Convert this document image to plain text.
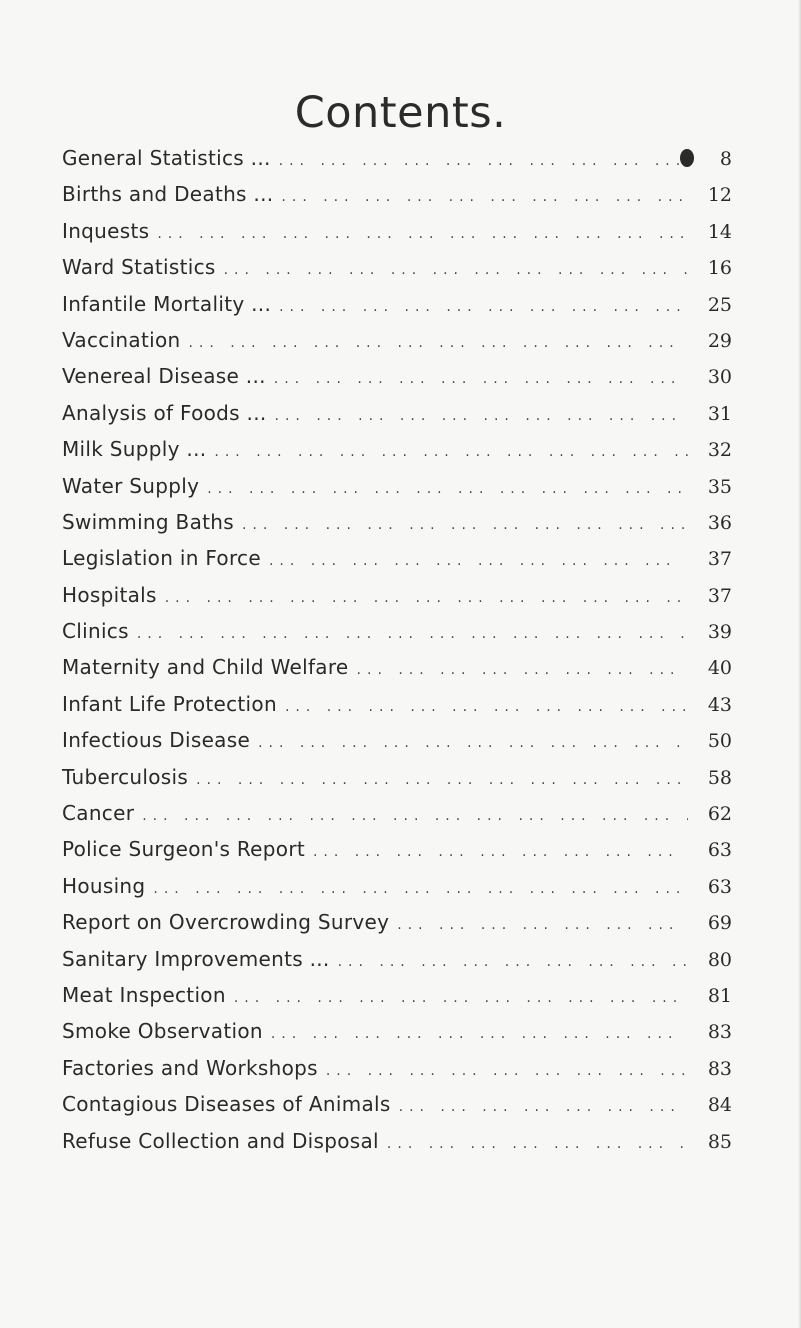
Contents.
General Statistics ... ... .	8
Births and Deaths ... ... .	12
Inquests ... .	14
Ward Statistics ... .	16
Infantile Mortality ... ... .	25
Vaccination ... .	29
Venereal Disease ... ... .	30
Analysis of Foods ... ... .	31
Milk Supply ... ... .	32
Water Supply ... .	35
Swimming Baths ... .	36
Legislation in Force ... .	37
Hospitals ... .	37
Clinics ... .	39
Maternity and Child Welfare ... .	40
Infant Life Protection ... .	43
Infectious Disease ... .	50
Tuberculosis ... .	58
Cancer ... .	62
Police Surgeon's Report ... .	63
Housing ... .	63
Report on Overcrowding Survey ... .	69
Sanitary Improvements ... ... .	80
Meat Inspection ... .	81
Smoke Observation ... .	83
Factories and Workshops ... .	83
Contagious Diseases of Animals ... .	84
Refuse Collection and Disposal ... .	85
